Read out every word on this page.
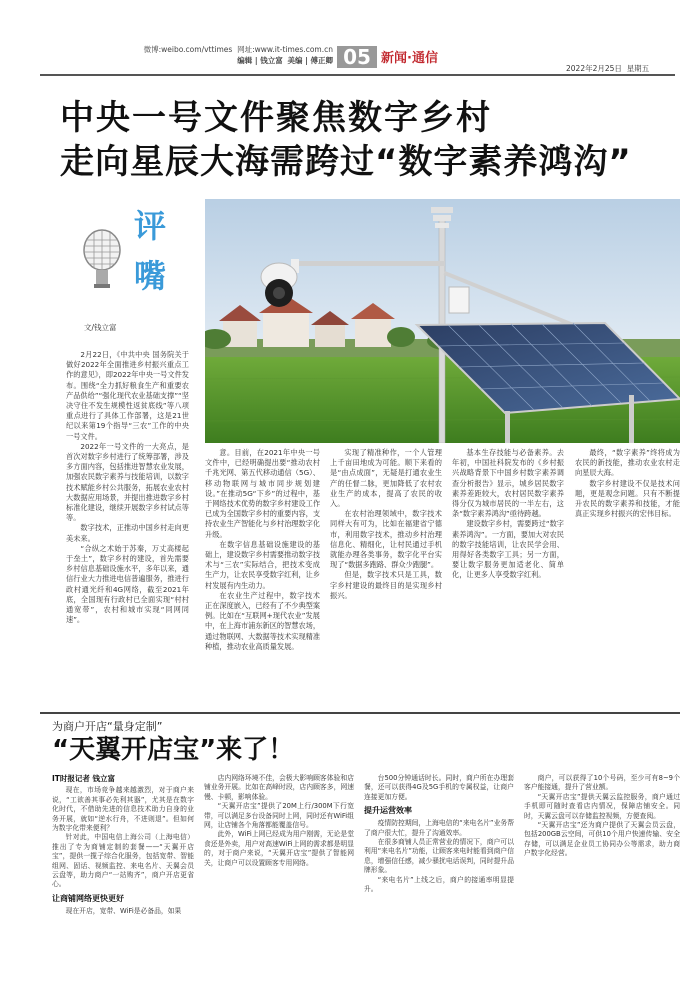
微博:weibo.com/vttimes 网址:www.it-times.com.cn
编辑 | 钱立富 美编 | 傅正卿 05 新闻·通信
2022年2月25日 星期五
中央一号文件聚焦数字乡村
走向星辰大海需跨过“数字素养鸿沟”
评
嘴
文/钱立富

2月22日，《中共中央 国务院关于做好2022年全面推进乡村振兴重点工作的意见》，即2022年中央一号文件发布。围绕“全力抓好粮食生产和重要农产品供给”“强化现代农业基础支撑”“坚决守住不发生规模性返贫底线”等八项重点进行了具体工作部署，这是21世纪以来第19个指导“三农”工作的中央一号文件。

2022年一号文件的一大亮点，是首次对数字乡村进行了统筹部署，涉及多方面内容，包括推进智慧农业发展，加强农民数字素养与技能培训，以数字技术赋能乡村公共服务，拓展农业农村大数据应用场景，并提出推进数字乡村标准化建设，继续开展数字乡村试点等等。

数字技术，正推动中国乡村走向更美未来。

“合纵之术始于苏秦，万丈高楼起于垒土”，数字乡村的建设，首先需要乡村信息基础设施水平，多年以来，通信行业大力推进电信普遍服务，推进行政村通光纤和4G网络，截至2021年底，全国现有行政村已全面实现“村村通宽带”，农村和城市实现“同网同速”。

意。目前，在2021年中央一号文件中，已经明确提出要“推动农村千兆光网、第五代移动通信（5G）、移动物联网与城市同步规划建设。”在推动5G“下乡”的过程中，基于网络技术优势的数字乡村建设工作已成为全国数字乡村的重要内容，支持农业生产智能化与乡村治理数字化升级。

在数字信息基础设施建设的基础上，建设数字乡村需要推动数字技术与“三农”实际结合，把技术变成生产力，让农民享受数字红利，让乡村发展有内生动力。

在农业生产过程中，数字技术正在深度嵌入，已经有了不少典型案例。比如在“互联网+现代农业”发展中，在上海市浦东新区的智慧农场，通过物联网、大数据等技术实现精准种植，推动农业高质量发展。

实现了精准种作，一个人管理上千亩田地成为可能。顺下来看的是“由点成面”，无疑是打通农业生产的任督二脉，更加降低了农村农业生产的成本，提高了农民的收入。

在农村治理领域中，数字技术同样大有可为，比如在福建省宁德市，利用数字技术，推动乡村治理信息化、精细化，让村民通过手机就能办理各类事务，数字化平台实现了“数据多跑路、群众少跑腿”。

但是，数字技术只是工具，数字乡村建设的最终目的是实现乡村振兴。

基本生存技能与必备素养。去年初，中国社科院发布的《乡村振兴战略背景下中国乡村数字素养调查分析报告》显示，城乡居民数字素养差距较大，农村居民数字素养得分仅为城市居民的一半左右，这条“数字素养鸿沟”亟待跨越。

建设数字乡村，需要跨过“数字素养鸿沟”。一方面，要加大对农民的数字技能培训，让农民学会用、用得好各类数字工具；另一方面，要让数字服务更加适老化、简单化，让更多人享受数字红利。

最终，“数字素养”终将成为农民的新技能，推动农业农村走向星辰大海。

数字乡村建设不仅是技术问题，更是观念问题。只有不断提升农民的数字素养和技能，才能真正实现乡村振兴的宏伟目标。

为商户开店“量身定制”
“天翼开店宝”来了！
IT时报记者 钱立富

现在，市场竞争越来越激烈，对于商户来说，“工欲善其事必先利其器”，尤其是在数字化时代，不借助先进的信息技术助力自身的业务开展，就如“逆水行舟，不进则退”。但如何为数字化带来便利？

针对此，中国电信上海公司（上海电信）推出了专为商铺定制的套餐——“天翼开店宝”，提供一揽子综合化服务，包括宽带、智能组网、固话、视频监控、来电名片、天翼会员云盘等，助力商户“一站购齐”，商户开店更省心。

让商铺网络更快更好

现在开店，宽带、WiFi是必备品，如果

店内网络环境不佳，会极大影响顾客体验和店铺业务开展。比如在高峰时段，店内顾客多，网速慢、卡顿，影响体验。

“天翼开店宝”提供了20M上行/300M下行宽带，可以满足多台设备同时上网，同时还有WiFi组网，让店铺各个角落都能覆盖信号。

此外，WiFi上网已经成为用户刚需，无论是堂食还是外卖，用户对高速WiFi上网的需求都是明显的，对于商户来说，“天翼开店宝”提供了智能网关，让商户可以设置顾客专用网络。

台500分钟通话时长。同时，商户所在办理套餐，还可以获得4G及5G手机的专属权益，让商户连接更加方便。

提升运营效率

疫情防控期间，上海电信的“来电名片”业务帮了商户很大忙，提升了沟通效率。

在很多商铺人员正常营业的情况下，商户可以利用“来电名片”功能，让顾客来电时能看到商户信息，增强信任感，减少骚扰电话误判，同时提升品牌形象。

“来电名片”上线之后，商户的接通率明显提升。

商户，可以获得了10个号码，至少可有8~9个客户能接通，提升了营业额。

“天翼开店宝”提供天翼云监控服务，商户通过手机即可随时查看店内情况，保障店铺安全。同时，天翼云盘可以存储监控视频，方便查阅。

“天翼开店宝”还为商户提供了天翼会员云盘，包括200GB云空间，可供10个用户快速传输、安全存储，可以满足企业员工协同办公等需求，助力商户数字化经营。
